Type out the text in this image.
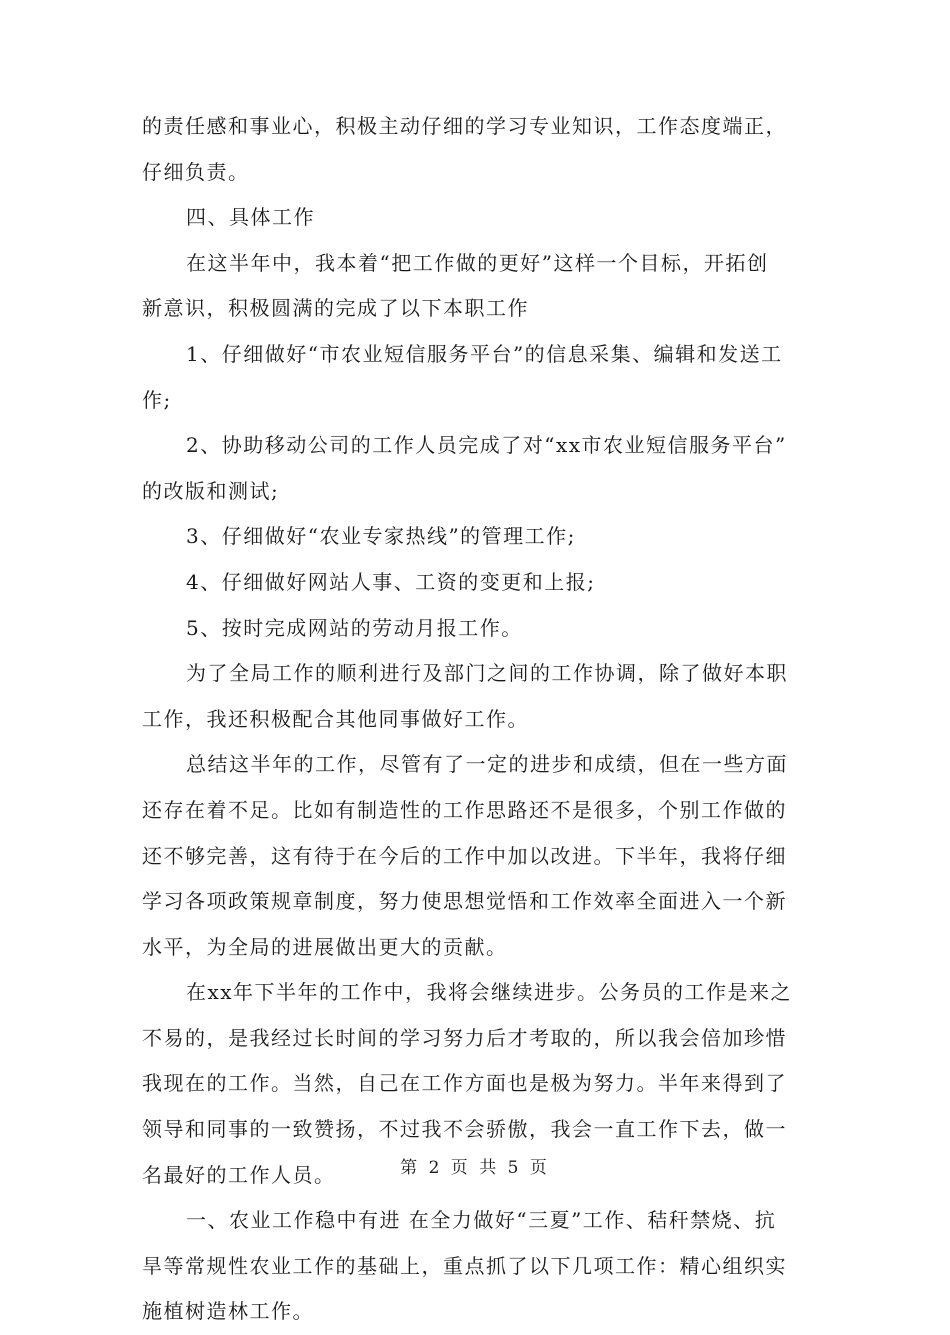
的责任感和事业心，积极主动仔细的学习专业知识，工作态度端正，
仔细负责。

四、具体工作

在这半年中，我本着“把工作做的更好”这样一个目标，开拓创
新意识，积极圆满的完成了以下本职工作

1、仔细做好“市农业短信服务平台”的信息采集、编辑和发送工
作;

2、协助移动公司的工作人员完成了对“xx市农业短信服务平台”
的改版和测试;

3、仔细做好“农业专家热线”的管理工作;

4、仔细做好网站人事、工资的变更和上报;

5、按时完成网站的劳动月报工作。

为了全局工作的顺利进行及部门之间的工作协调，除了做好本职
工作，我还积极配合其他同事做好工作。

总结这半年的工作，尽管有了一定的进步和成绩，但在一些方面
还存在着不足。比如有制造性的工作思路还不是很多，个别工作做的
还不够完善，这有待于在今后的工作中加以改进。下半年，我将仔细
学习各项政策规章制度，努力使思想觉悟和工作效率全面进入一个新
水平，为全局的进展做出更大的贡献。

在xx年下半年的工作中，我将会继续进步。公务员的工作是来之
不易的，是我经过长时间的学习努力后才考取的，所以我会倍加珍惜
我现在的工作。当然，自己在工作方面也是极为努力。半年来得到了
领导和同事的一致赞扬，不过我不会骄傲，我会一直工作下去，做一
名最好的工作人员。

一、农业工作稳中有进 在全力做好“三夏”工作、秸秆禁烧、抗
旱等常规性农业工作的基础上，重点抓了以下几项工作：精心组织实
施植树造林工作。

第 2 页 共 5 页
